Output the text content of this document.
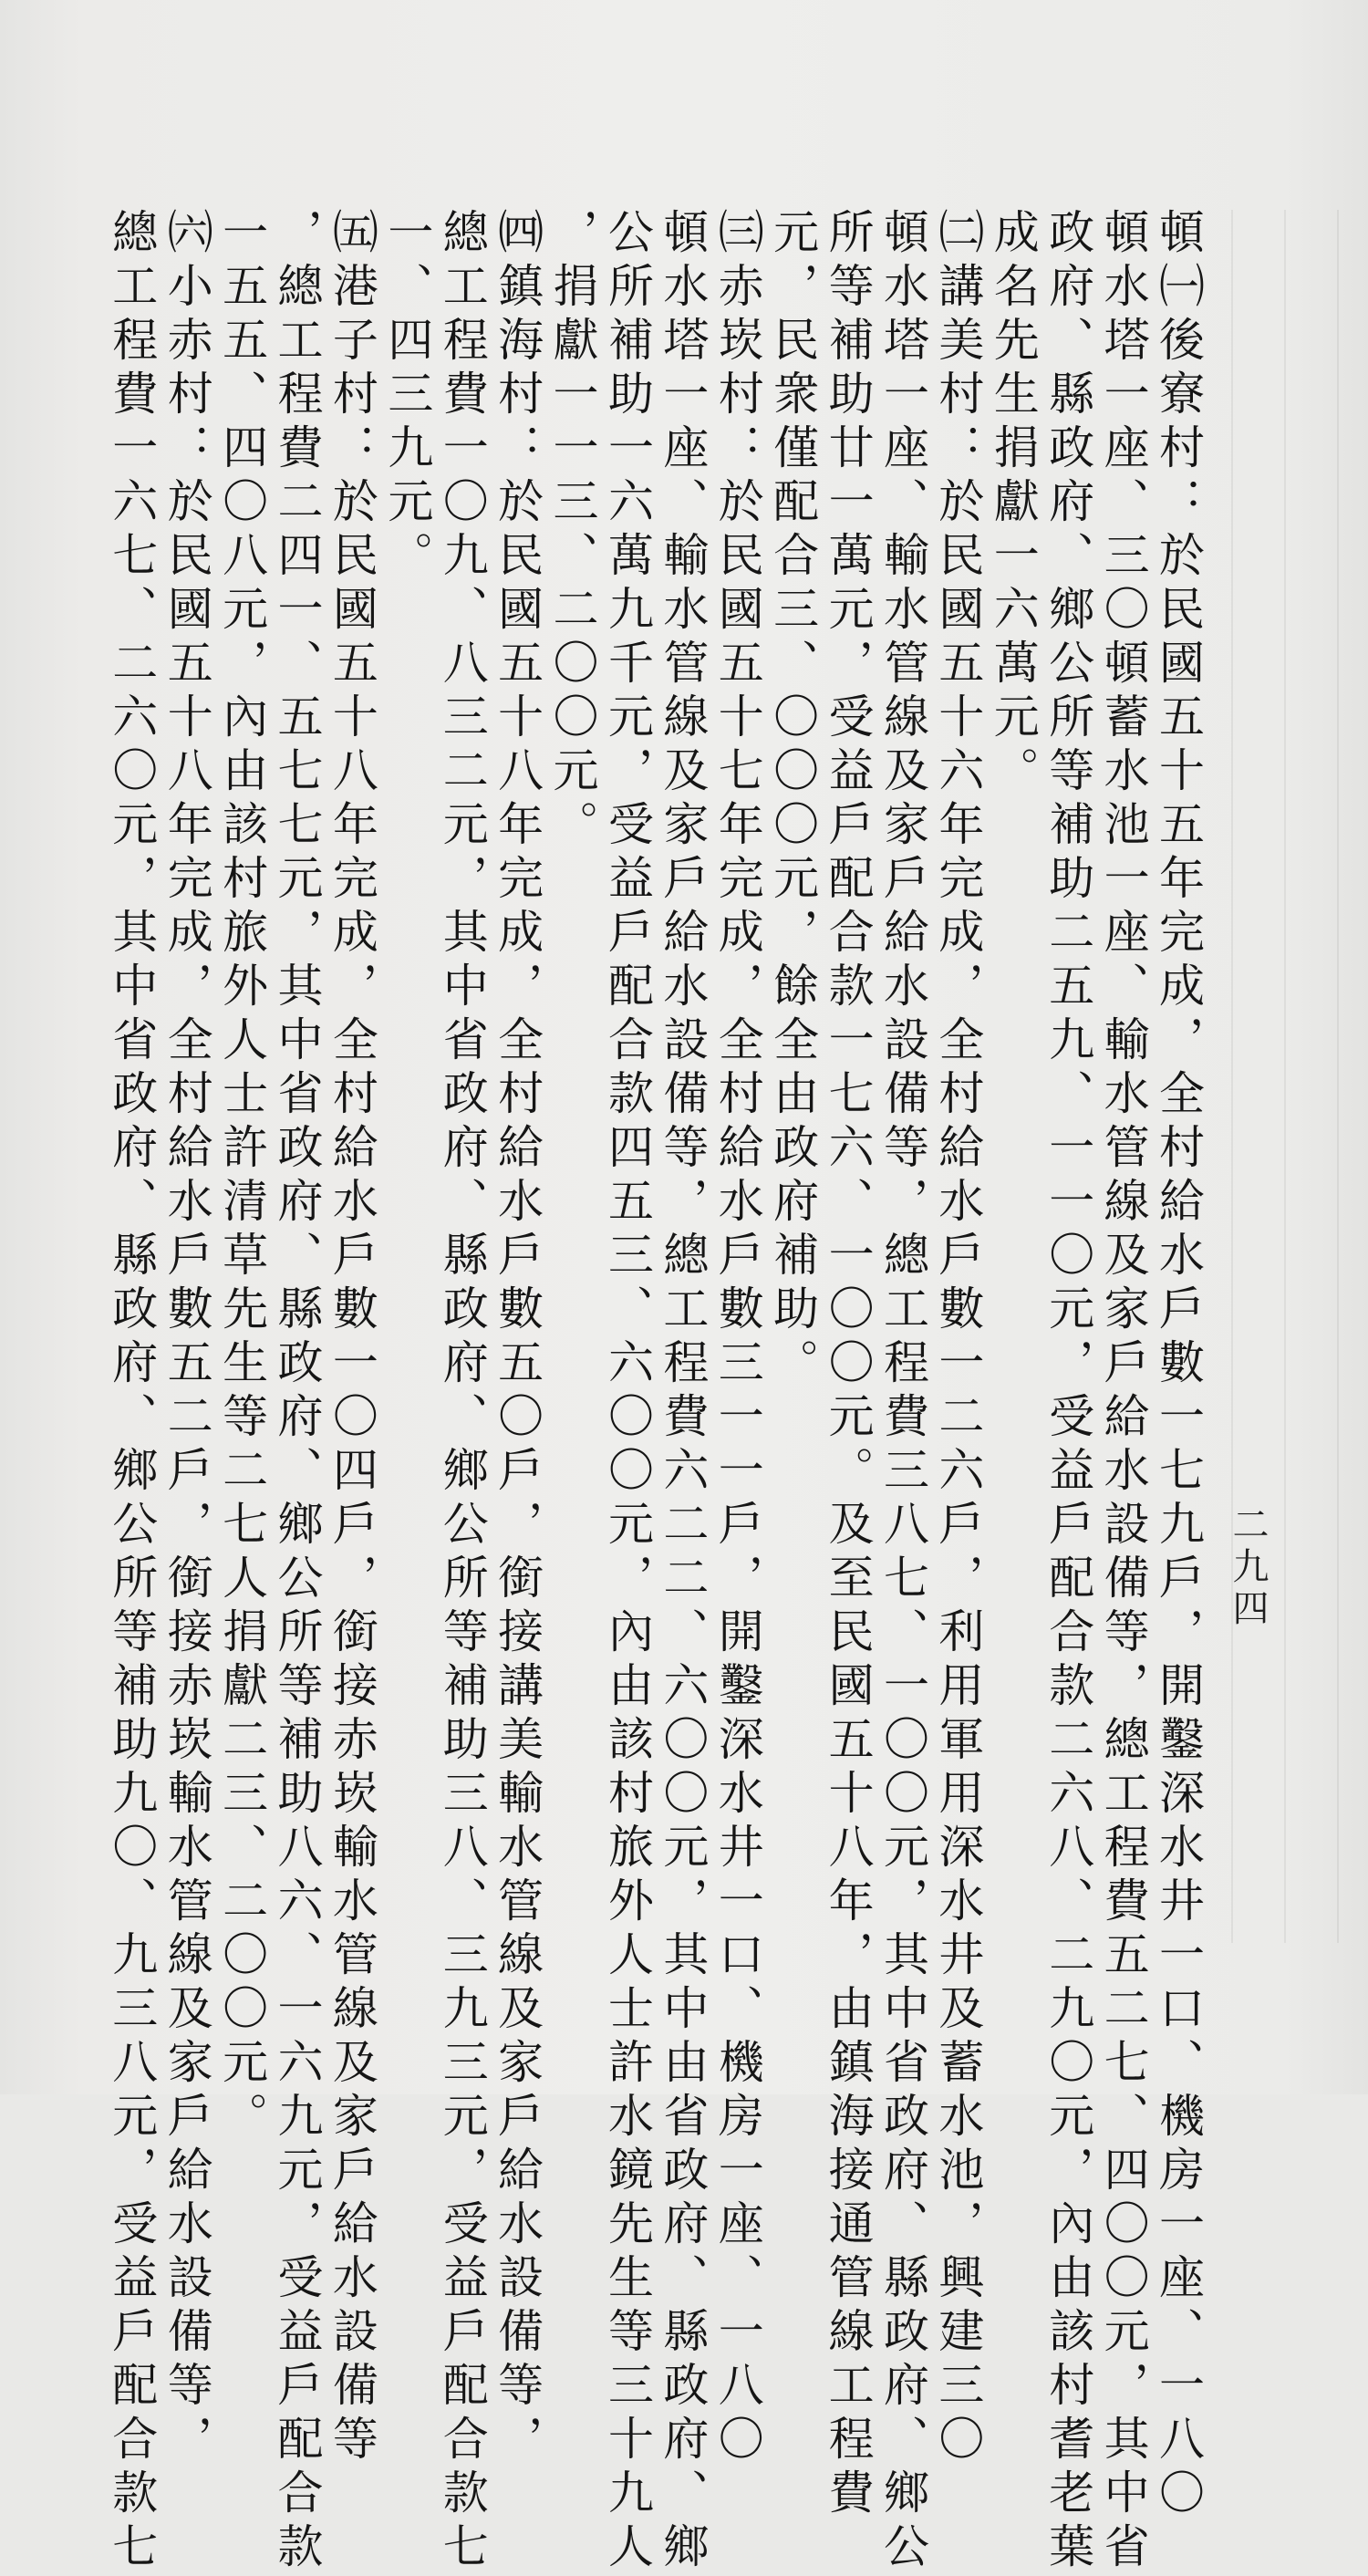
二九四
頓㈠後寮村：於民國五十五年完成，全村給水戶數一七九戶，開鑿深水井一口、機房一座、一八〇
頓水塔一座、三〇頓蓄水池一座、輸水管線及家戶給水設備等，總工程費五二七、四〇〇元，其中省
政府、縣政府、鄉公所等補助二五九、一一〇元，受益戶配合款二六八、二九〇元，內由該村耆老葉
成名先生捐獻一六萬元。
㈡講美村：於民國五十六年完成，全村給水戶數一二六戶，利用軍用深水井及蓄水池，興建三〇
頓水塔一座、輸水管線及家戶給水設備等，總工程費三八七、一〇〇元，其中省政府、縣政府、鄉公
所等補助廿一萬元，受益戶配合款一七六、一〇〇元。及至民國五十八年，由鎮海接通管線工程費
元，民衆僅配合三、〇〇〇元，餘全由政府補助。
㈢赤崁村：於民國五十七年完成，全村給水戶數三一一戶，開鑿深水井一口、機房一座、一八〇
頓水塔一座、輸水管線及家戶給水設備等，總工程費六二二、六〇〇元，其中由省政府、縣政府、鄉
公所補助一六萬九千元，受益戶配合款四五三、六〇〇元，內由該村旅外人士許水鏡先生等三十九人
，捐獻一一三、二〇〇元。
㈣鎮海村：於民國五十八年完成，全村給水戶數五〇戶，銜接講美輸水管線及家戶給水設備等，
總工程費一〇九、八三二元，其中省政府、縣政府、鄉公所等補助三八、三九三元，受益戶配合款七
一、四三九元。
㈤港子村：於民國五十八年完成，全村給水戶數一〇四戶，銜接赤崁輸水管線及家戶給水設備等
，總工程費二四一、五七七元，其中省政府、縣政府、鄉公所等補助八六、一六九元，受益戶配合款
一五五、四〇八元，內由該村旅外人士許清草先生等二七人捐獻二三、二〇〇元。
㈥小赤村：於民國五十八年完成，全村給水戶數五二戶，銜接赤崁輸水管線及家戶給水設備等，
總工程費一六七、二六〇元，其中省政府、縣政府、鄉公所等補助九〇、九三八元，受益戶配合款七
